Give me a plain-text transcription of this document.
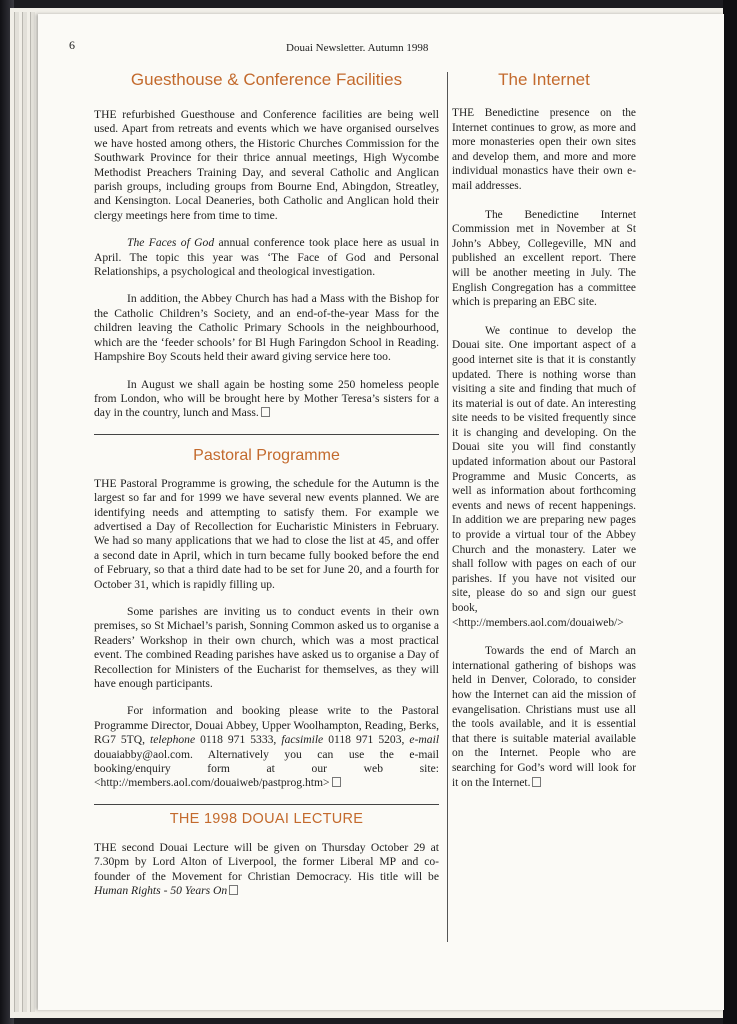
6	Douai Newsletter. Autumn 1998
Guesthouse & Conference Facilities

THE refurbished Guesthouse and Conference facilities are being well used. Apart from retreats and events which we have organised ourselves we have hosted among others, the Historic Churches Commission for the Southwark Province for their thrice annual meetings, High Wycombe Methodist Preachers Training Day, and several Catholic and Anglican parish groups, including groups from Bourne End, Abingdon, Streatley, and Kensington. Local Deaneries, both Catholic and Anglican hold their clergy meetings here from time to time.

The Faces of God annual conference took place here as usual in April. The topic this year was ‘The Face of God and Personal Relationships, a psychological and theological investigation.

In addition, the Abbey Church has had a Mass with the Bishop for the Catholic Children’s Society, and an end-of-the-year Mass for the children leaving the Catholic Primary Schools in the neighbourhood, which are the ‘feeder schools’ for Bl Hugh Faringdon School in Reading. Hampshire Boy Scouts held their award giving service here too.

In August we shall again be hosting some 250 homeless people from London, who will be brought here by Mother Teresa’s sisters for a day in the country, lunch and Mass.

Pastoral Programme

THE Pastoral Programme is growing, the schedule for the Autumn is the largest so far and for 1999 we have several new events planned. We are identifying needs and attempting to satisfy them. For example we advertised a Day of Recollection for Eucharistic Ministers in February. We had so many applications that we had to close the list at 45, and offer a second date in April, which in turn became fully booked before the end of February, so that a third date had to be set for June 20, and a fourth for October 31, which is rapidly filling up.

Some parishes are inviting us to conduct events in their own premises, so St Michael’s parish, Sonning Common asked us to organise a Readers’ Workshop in their own church, which was a most practical event. The combined Reading parishes have asked us to organise a Day of Recollection for Ministers of the Eucharist for themselves, as they will have enough participants.

For information and booking please write to the Pastoral Programme Director, Douai Abbey, Upper Woolhampton, Reading, Berks, RG7 5TQ, telephone 0118 971 5333, facsimile 0118 971 5203, e-mail douaiabby@aol.com. Alternatively you can use the e-mail booking/enquiry form at our web site: <http://members.aol.com/douaiweb/pastprog.htm>

THE 1998 DOUAI LECTURE

THE second Douai Lecture will be given on Thursday October 29 at 7.30pm by Lord Alton of Liverpool, the former Liberal MP and co-founder of the Movement for Christian Democracy. His title will be Human Rights - 50 Years On

The Internet

THE Benedictine presence on the Internet continues to grow, as more and more monasteries open their own sites and develop them, and more and more individual monastics have their own e-mail addresses.

The Benedictine Internet Commission met in November at St John’s Abbey, Collegeville, MN and published an excellent report. There will be another meeting in July. The English Congregation has a committee which is preparing an EBC site.

We continue to develop the Douai site. One important aspect of a good internet site is that it is constantly updated. There is nothing worse than visiting a site and finding that much of its material is out of date. An interesting site needs to be visited frequently since it is changing and developing. On the Douai site you will find constantly updated information about our Pastoral Programme and Music Concerts, as well as information about forthcoming events and news of recent happenings. In addition we are preparing new pages to provide a virtual tour of the Abbey Church and the monastery. Later we shall follow with pages on each of our parishes. If you have not visited our site, please do so and sign our guest book, <http://members.aol.com/douaiweb/>

Towards the end of March an international gathering of bishops was held in Denver, Colorado, to consider how the Internet can aid the mission of evangelisation. Christians must use all the tools available, and it is essential that there is suitable material available on the Internet. People who are searching for God’s word will look for it on the Internet.
